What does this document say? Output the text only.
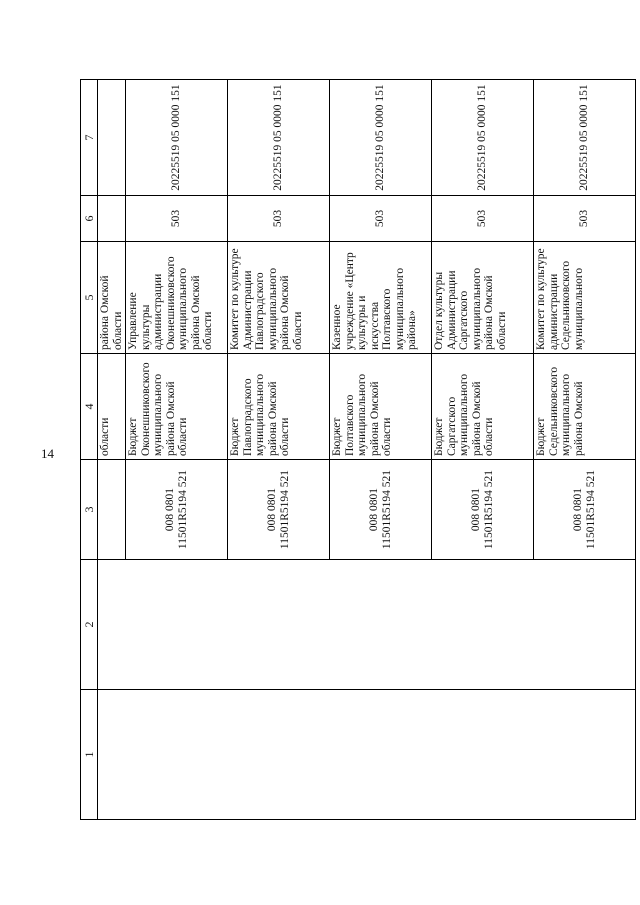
14
1	2	3	4	5	6	7
			области	района Омской области		
		008 0801 11501R5194 521	Бюджет Оконешниковского муниципального района Омской области	Управление культуры администрации Оконешниковского муниципального района Омской области	503	20225519 05 0000 151
		008 0801 11501R5194 521	Бюджет Павлоградского муниципального района Омской области	Комитет по культуре Администрации Павлоградского муниципального района Омской области	503	20225519 05 0000 151
		008 0801 11501R5194 521	Бюджет Полтавского муниципального района Омской области	Казенное учреждение «Центр культуры и искусства Полтавского муниципального района»	503	20225519 05 0000 151
		008 0801 11501R5194 521	Бюджет Саргатского муниципального района Омской области	Отдел культуры Администрации Саргатского муниципального района Омской области	503	20225519 05 0000 151
		008 0801 11501R5194 521	Бюджет Седельниковского муниципального района Омской	Комитет по культуре администрации Седельниковского муниципального	503	20225519 05 0000 151
